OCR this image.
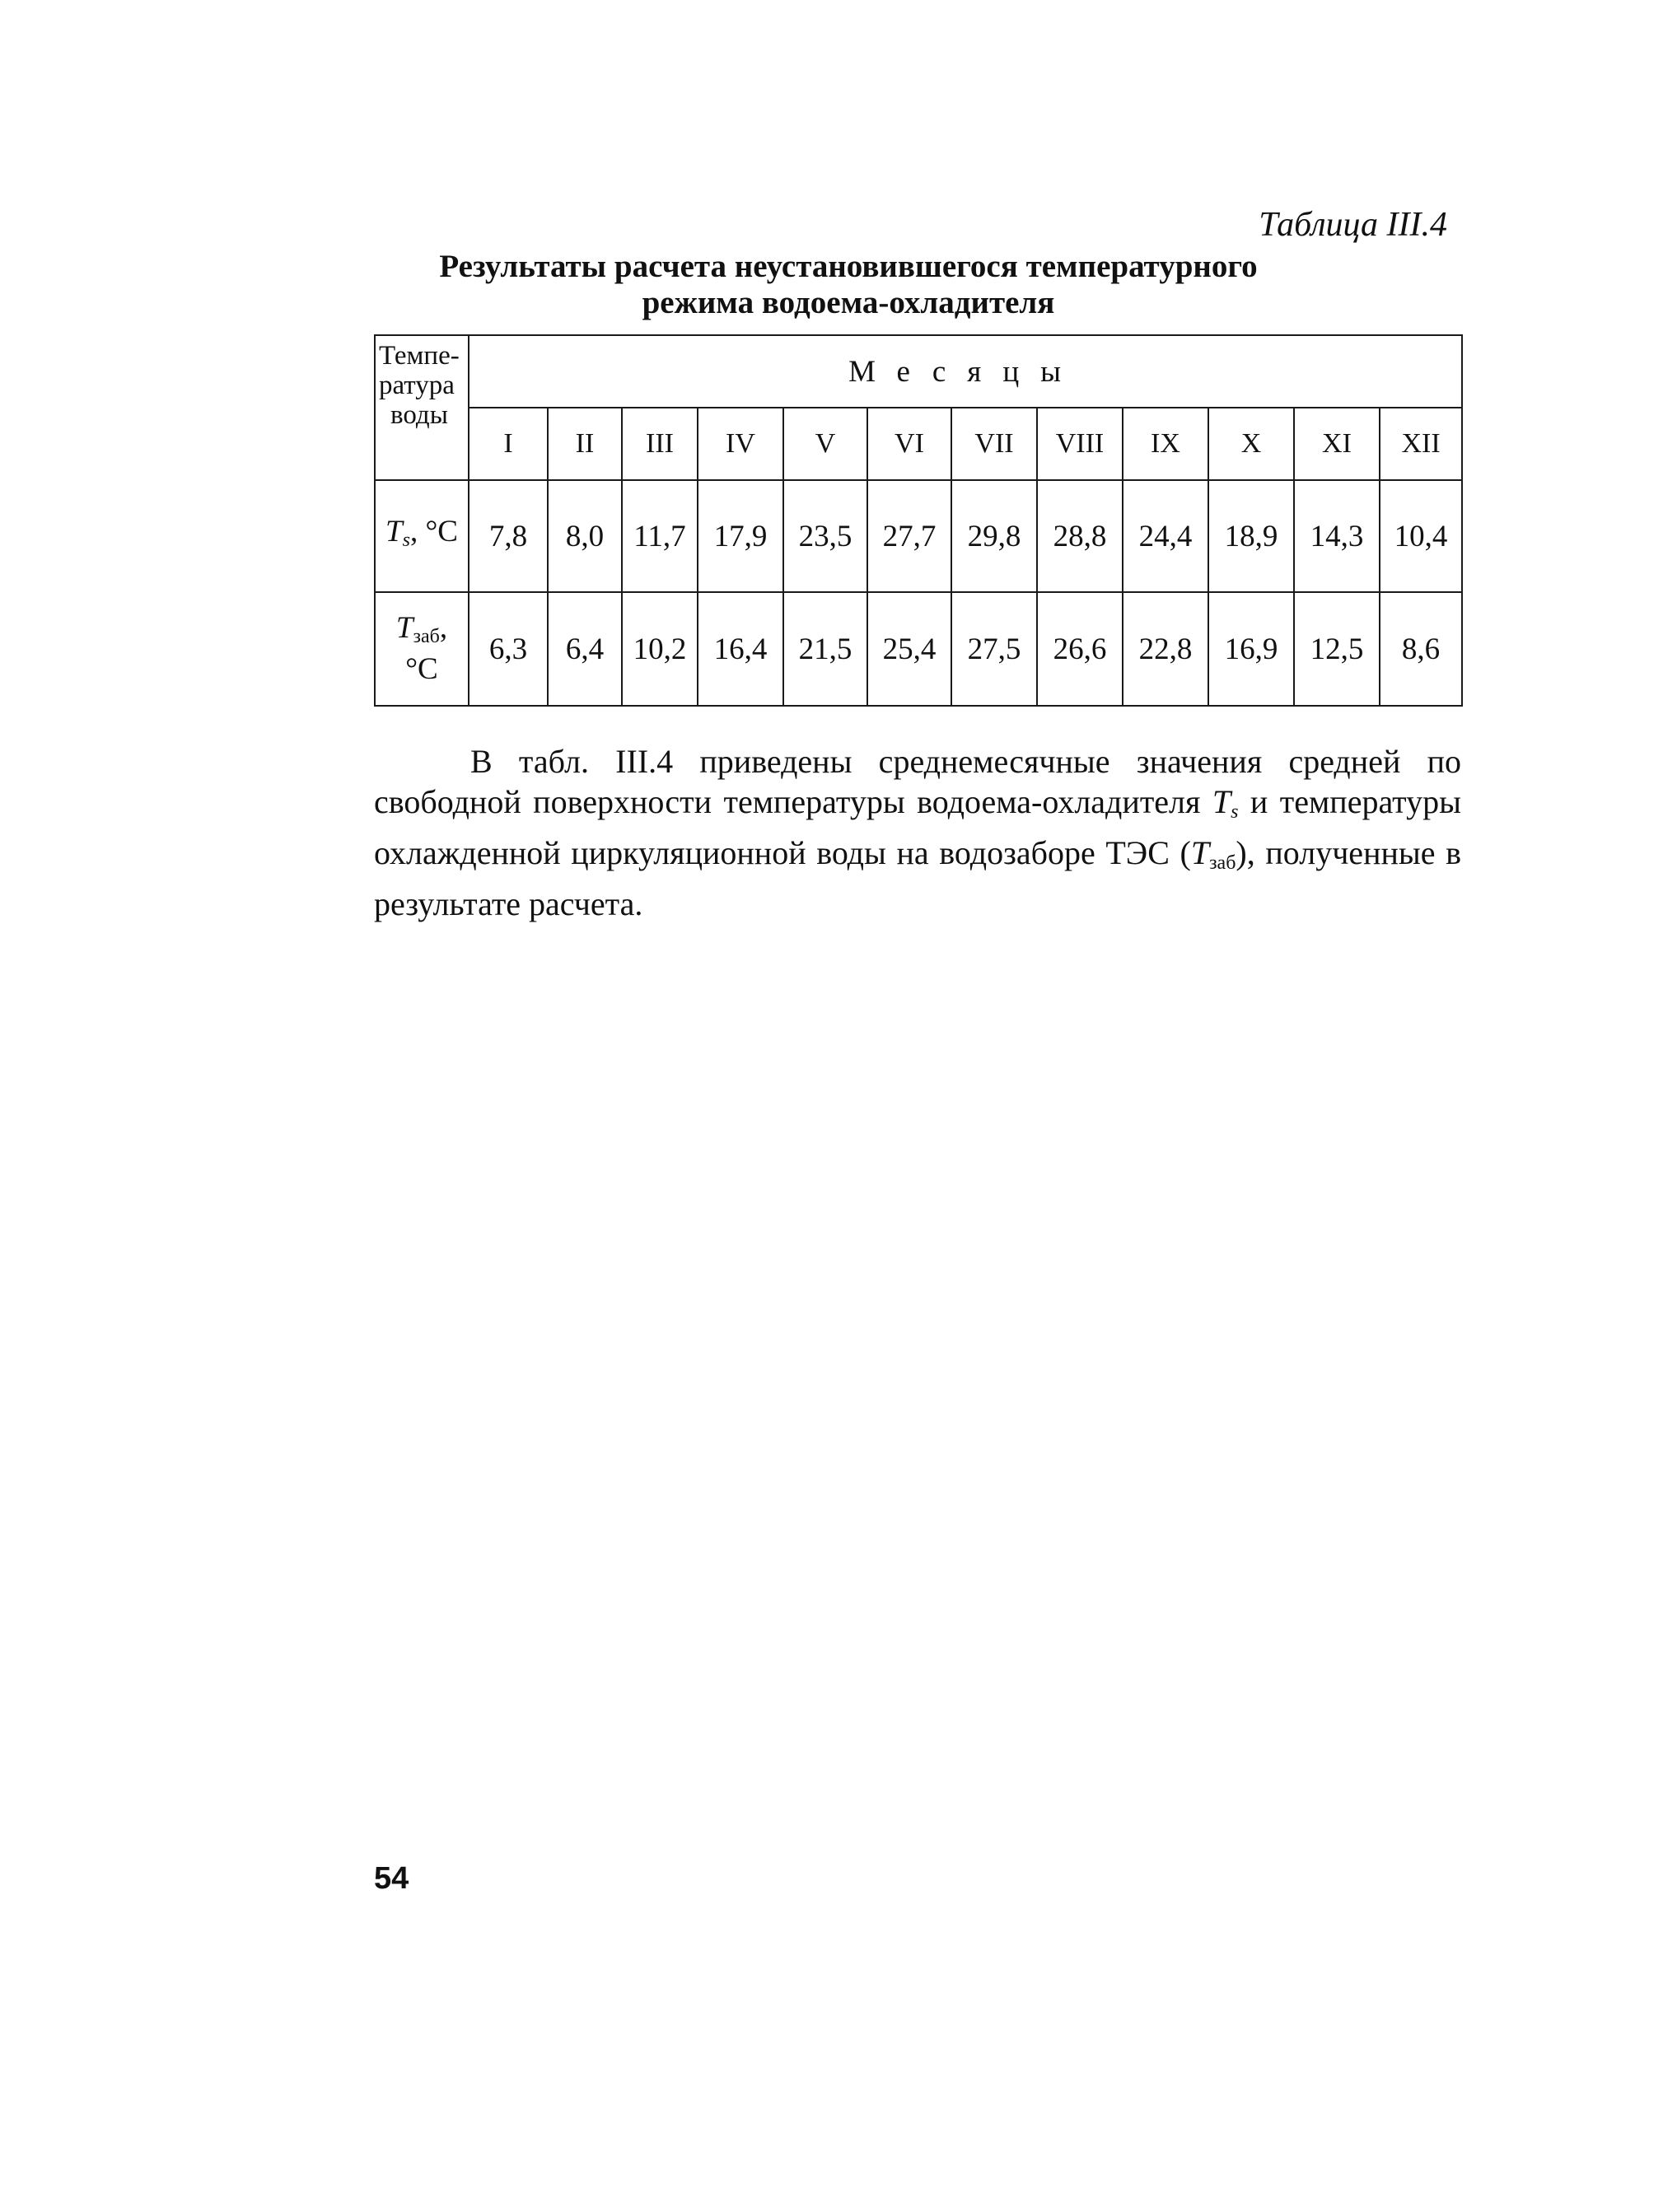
Таблица III.4
Результаты расчета неустановившегося температурного
режима водоема-охладителя
Темпе-
ратура
воды	Месяцы											
	I	II	III	IV	V	VI	VII	VIII	IX	X	XI	XII
$T_s$, °C	7,8	8,0	11,7	17,9	23,5	27,7	29,8	28,8	24,4	18,9	14,3	10,4

$T_{заб}$,
°C	6,3	6,4	10,2	16,4	21,5	25,4	27,5	26,6	22,8	16,9	12,5	8,6

В табл. III.4 приведены среднемесячные значения средней по свободной поверхности температуры водоема-охладителя $T_s$ и температуры охлажденной циркуляционной воды на водозаборе ТЭС $(T_{заб})$, полученные в результате расчета.

54
